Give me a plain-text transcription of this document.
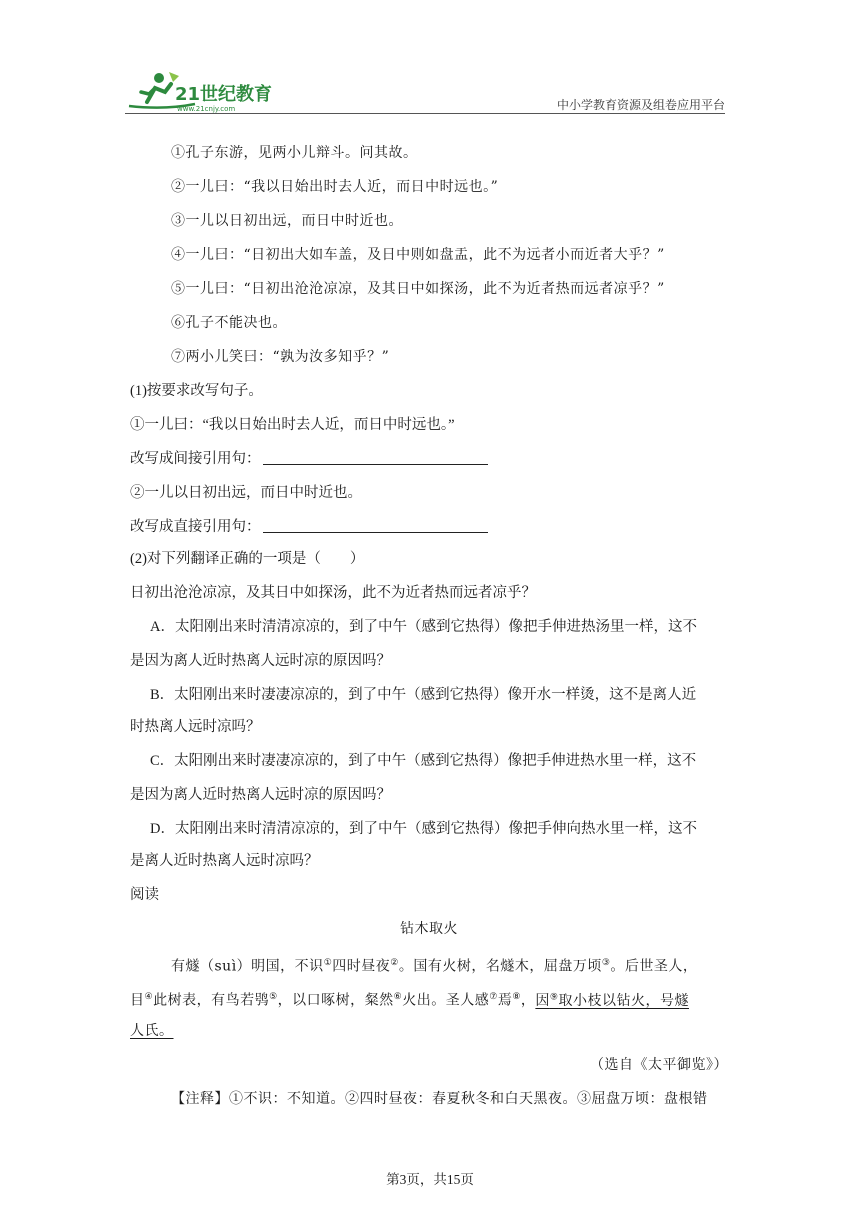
21世纪教育
www.21cnjy.com	中小学教育资源及组卷应用平台
①孔子东游，见两小儿辩斗。问其故。
②一儿曰：“我以日始出时去人近，而日中时远也。”
③一儿以日初出远，而日中时近也。
④一儿曰：“日初出大如车盖，及日中则如盘盂，此不为远者小而近者大乎？”
⑤一儿曰：“日初出沧沧凉凉，及其日中如探汤，此不为近者热而远者凉乎？”
⑥孔子不能决也。
⑦两小儿笑曰：“孰为汝多知乎？”
(1)按要求改写句子。
①一儿曰：“我以日始出时去人近，而日中时远也。”
改写成间接引用句：
②一儿以日初出远，而日中时近也。
改写成直接引用句：
(2)对下列翻译正确的一项是（　　）
日初出沧沧凉凉，及其日中如探汤，此不为近者热而远者凉乎？
A．太阳刚出来时清清凉凉的，到了中午（感到它热得）像把手伸进热汤里一样，这不
是因为离人近时热离人远时凉的原因吗？
B．太阳刚出来时凄凄凉凉的，到了中午（感到它热得）像开水一样烫，这不是离人近
时热离人远时凉吗？
C．太阳刚出来时凄凄凉凉的，到了中午（感到它热得）像把手伸进热水里一样，这不
是因为离人近时热离人远时凉的原因吗？
D．太阳刚出来时清清凉凉的，到了中午（感到它热得）像把手伸向热水里一样，这不
是离人近时热离人远时凉吗？
阅读
钻木取火
有燧（suì）明国，不识①四时昼夜②。国有火树，名燧木，屈盘万顷③。后世圣人，
目④此树表，有鸟若鸮⑤，以口啄树，粲然⑥火出。圣人感⑦焉⑧，因⑨取小枝以钻火，号燧
人氏。
（选自《太平御览》）
【注释】①不识：不知道。②四时昼夜：春夏秋冬和白天黑夜。③屈盘万顷：盘根错
第3页，共15页
